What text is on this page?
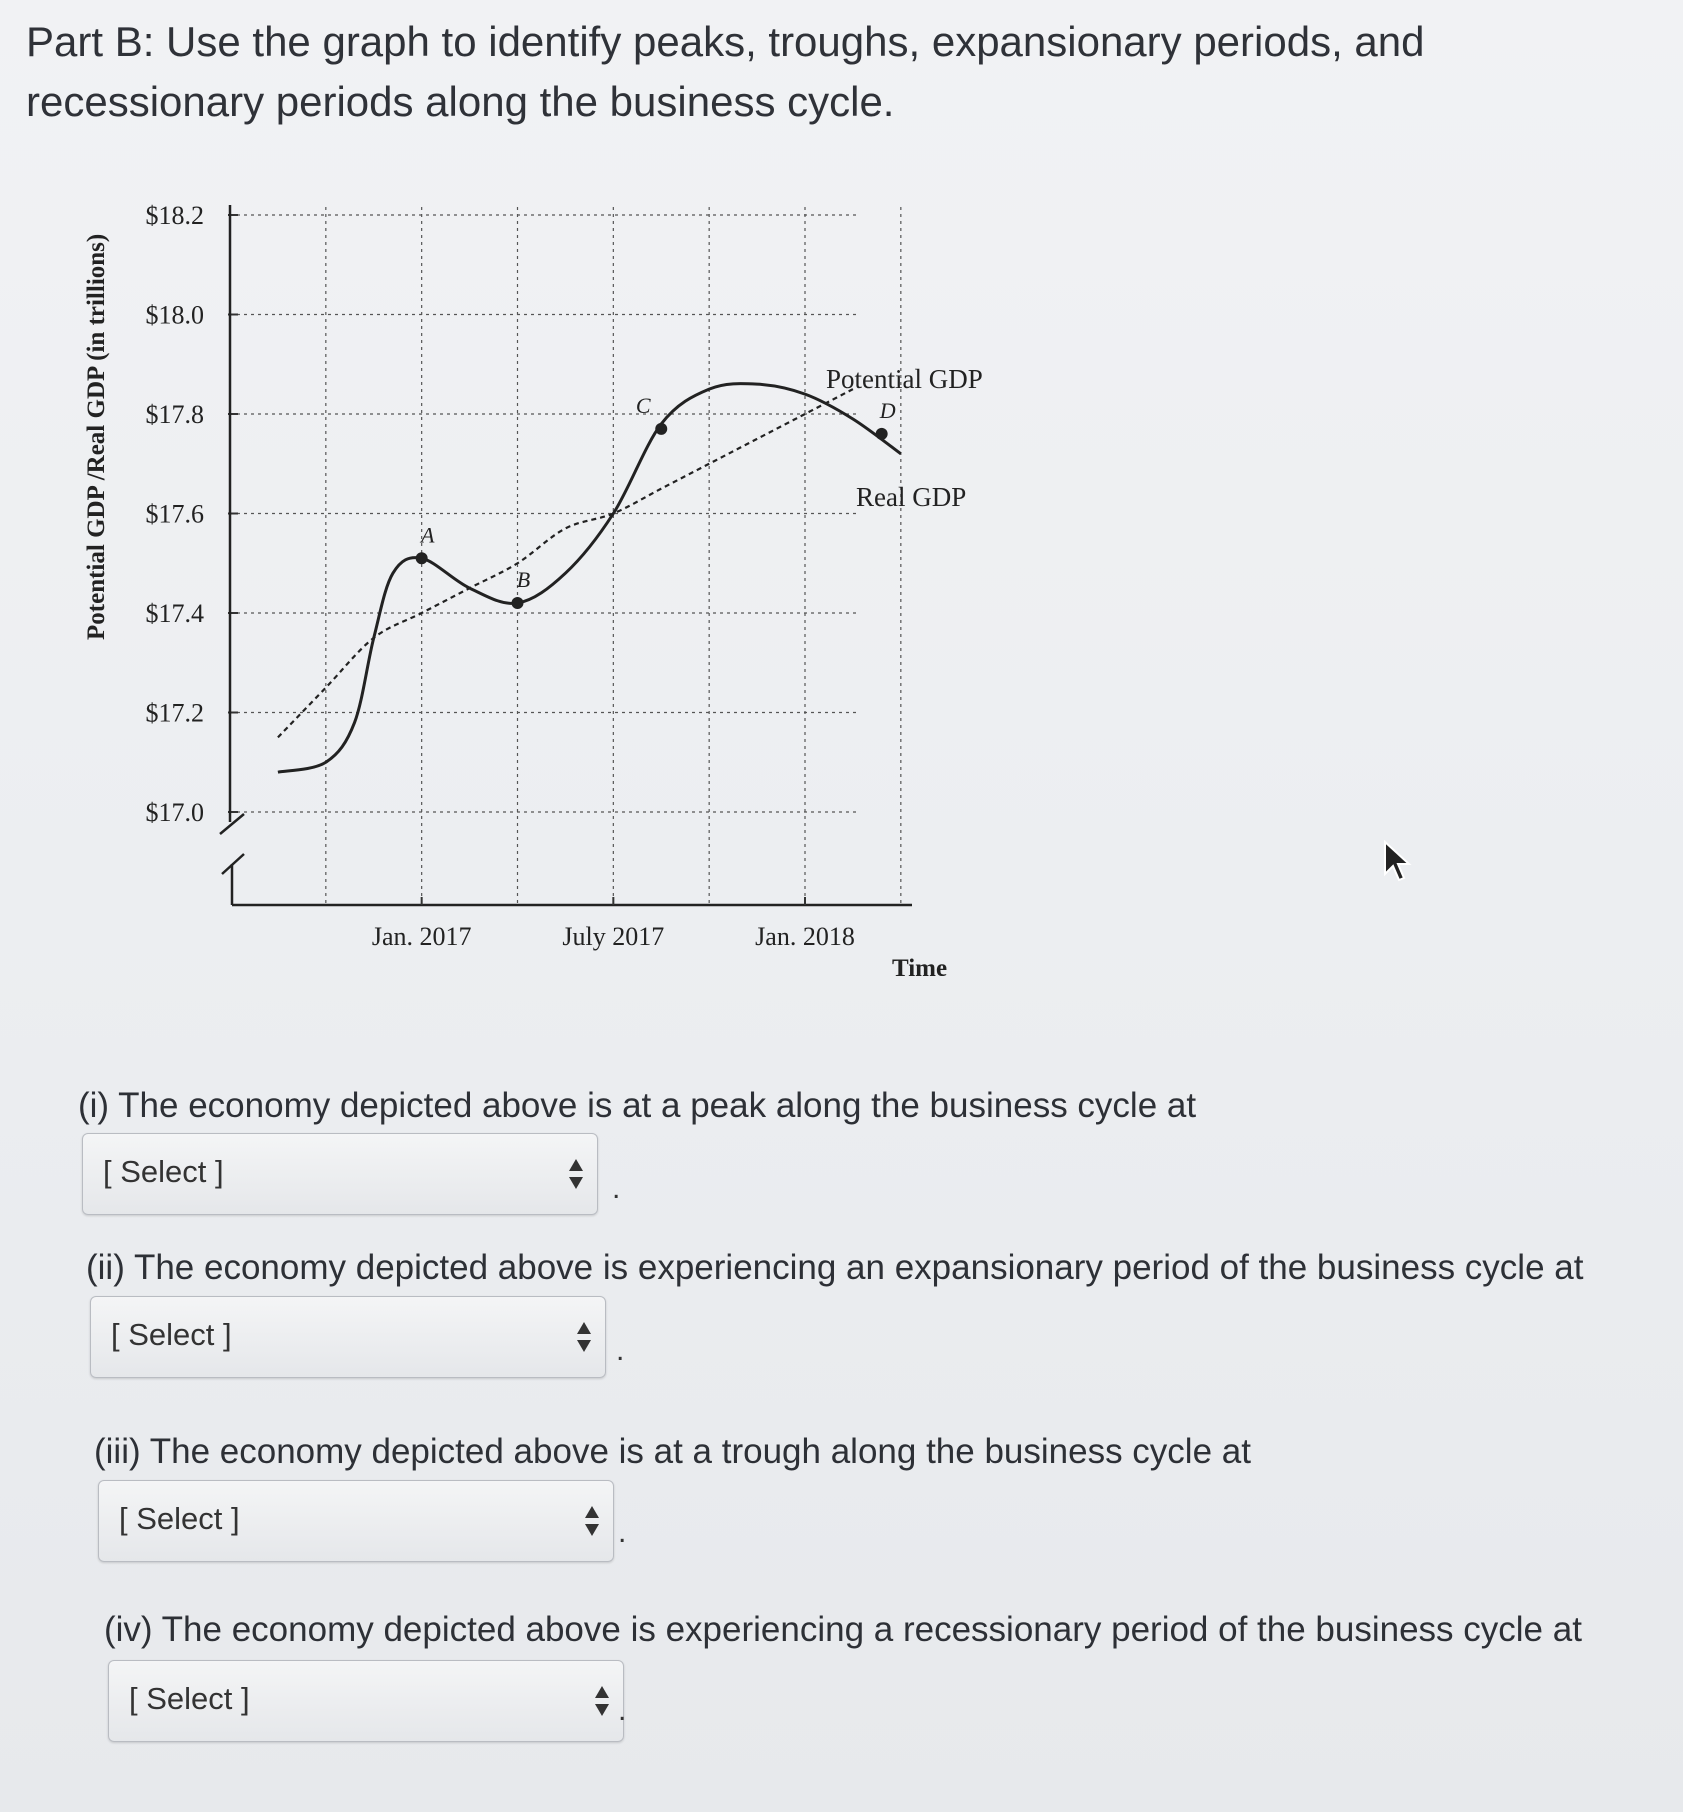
Part B: Use the graph to identify peaks, troughs, expansionary periods, and recessionary periods along the business cycle.
$18.2
$18.0
$17.8
$17.6
$17.4
$17.2
$17.0
Jan. 2017	July 2017	Jan. 2018
A
B
C	D
Potential GDP /Real GDP (in trillions)
Time
Potential GDP
Real GDP
(i) The economy depicted above is at a peak along the business cycle at
[ Select ]	.
(ii) The economy depicted above is experiencing an expansionary period of the business cycle at
[ Select ]	.
(iii) The economy depicted above is at a trough along the business cycle at
[ Select ]	.
(iv) The economy depicted above is experiencing a recessionary period of the business cycle at
[ Select ]	.
